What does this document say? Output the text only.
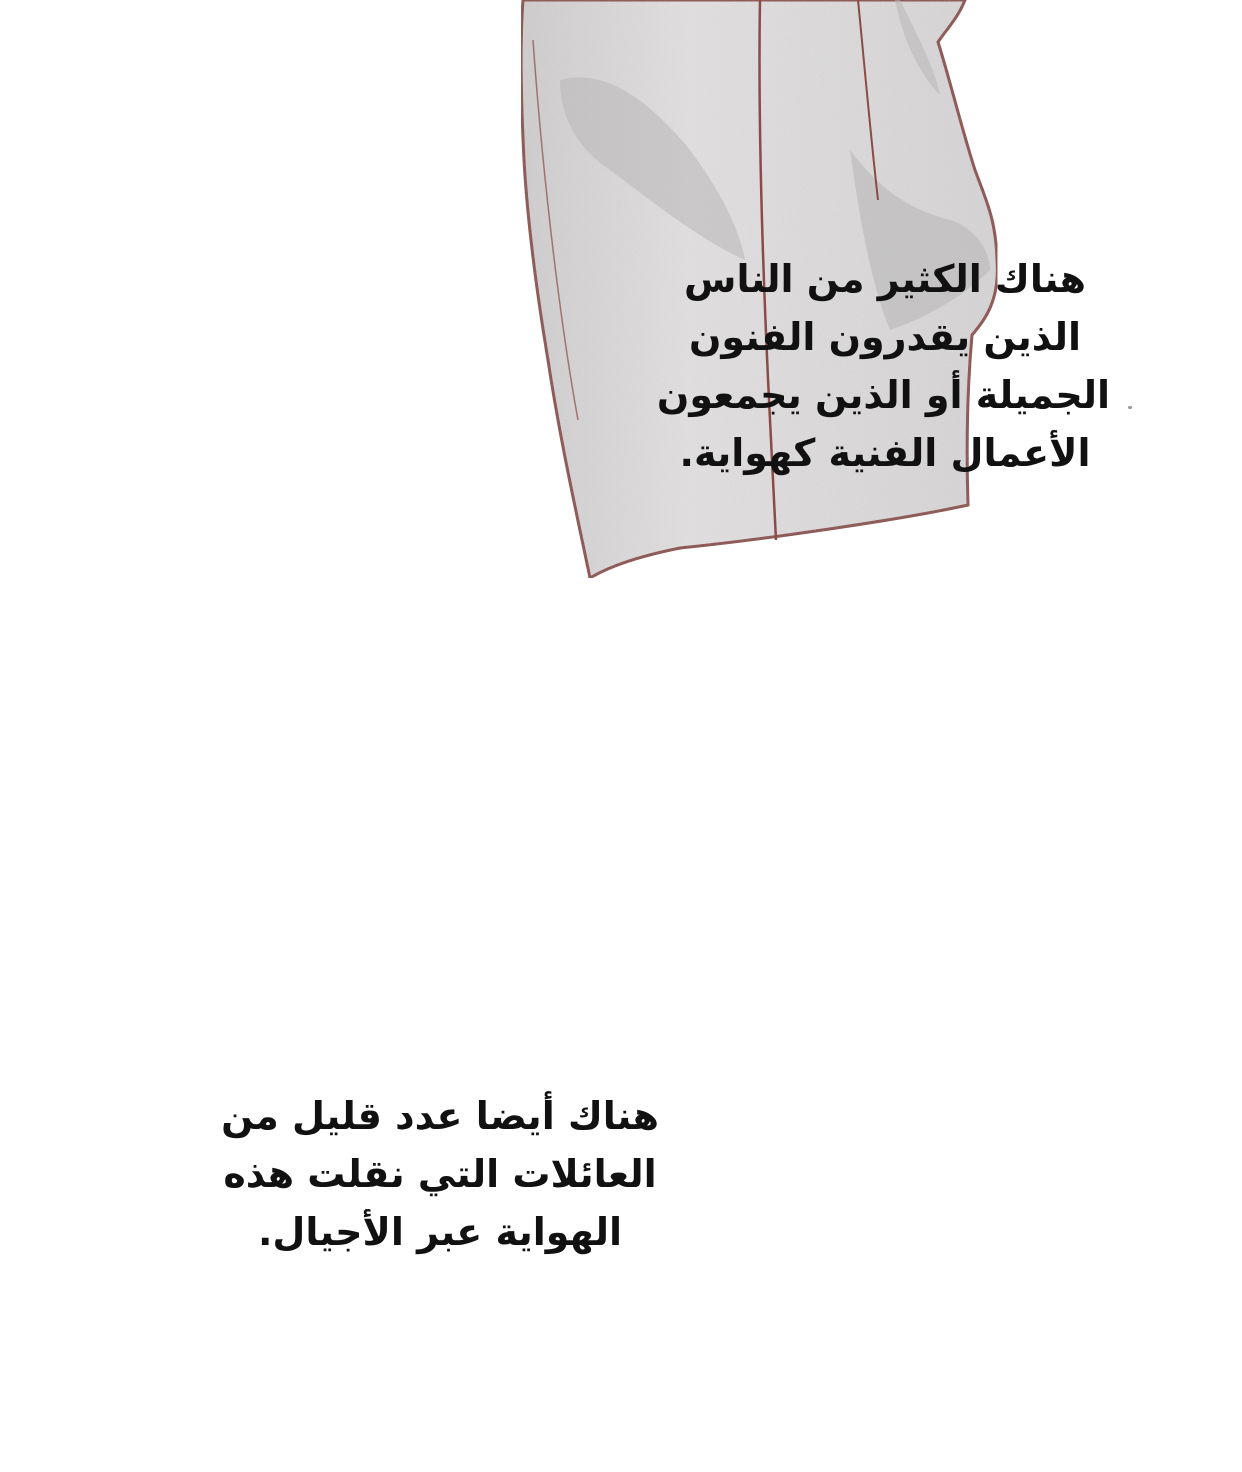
هناك الكثير من الناس
الذين يقدرون الفنون
الجميلة أو الذين يجمعون
الأعمال الفنية كهواية.
هناك أيضا عدد قليل من
العائلات التي نقلت هذه
الهواية عبر الأجيال.
